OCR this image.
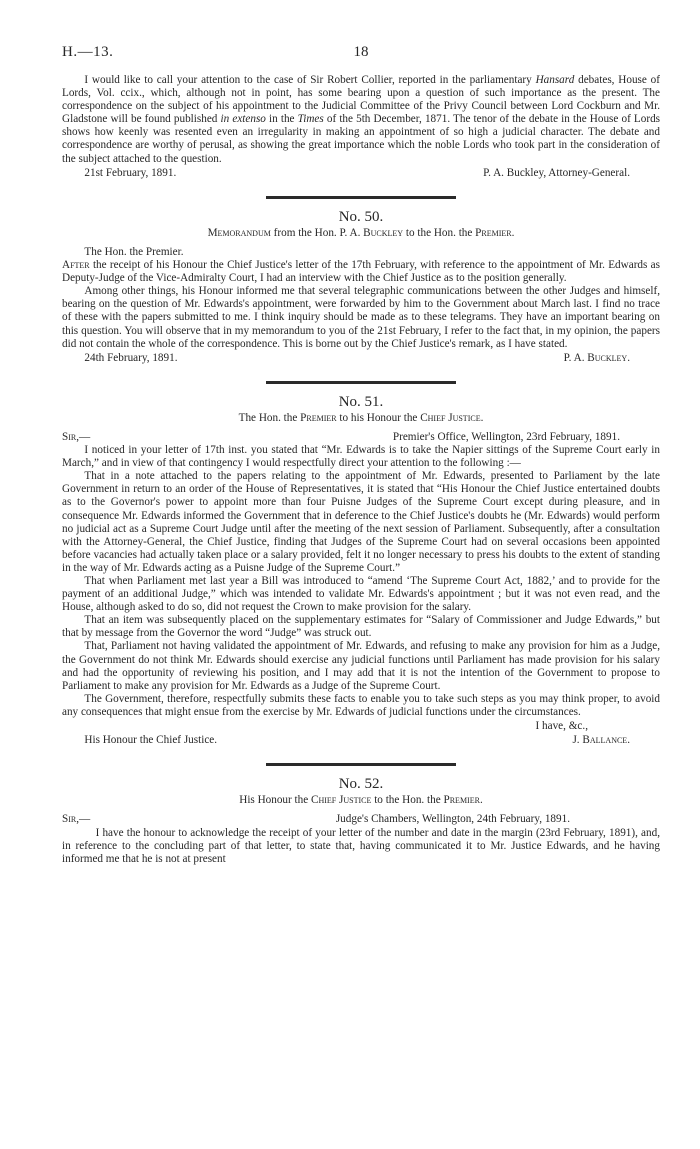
H.—13.	18

I would like to call your attention to the case of Sir Robert Collier, reported in the parliamentary Hansard debates, House of Lords, Vol. ccix., which, although not in point, has some bearing upon a question of such importance as the present. The correspondence on the subject of his appointment to the Judicial Committee of the Privy Council between Lord Cockburn and Mr. Gladstone will be found published in extenso in the Times of the 5th December, 1871. The tenor of the debate in the House of Lords shows how keenly was resented even an irregularity in making an appointment of so high a judicial character. The debate and correspondence are worthy of perusal, as showing the great importance which the noble Lords who took part in the consideration of the subject attached to the question.

21st February, 1891.	P. A. Buckley, Attorney-General.
No. 50.
Memorandum from the Hon. P. A. Buckley to the Hon. the Premier.
The Hon. the Premier.

After the receipt of his Honour the Chief Justice's letter of the 17th February, with reference to the appointment of Mr. Edwards as Deputy-Judge of the Vice-Admiralty Court, I had an interview with the Chief Justice as to the position generally.

Among other things, his Honour informed me that several telegraphic communications between the other Judges and himself, bearing on the question of Mr. Edwards's appointment, were forwarded by him to the Government about March last. I find no trace of these with the papers submitted to me. I think inquiry should be made as to these telegrams. They have an important bearing on this question. You will observe that in my memorandum to you of the 21st February, I refer to the fact that, in my opinion, the papers did not contain the whole of the correspondence. This is borne out by the Chief Justice's remark, as I have stated.

24th February, 1891.	P. A. Buckley.
No. 51.
The Hon. the Premier to his Honour the Chief Justice.
Sir,—	Premier's Office, Wellington, 23rd February, 1891.

I noticed in your letter of 17th inst. you stated that “Mr. Edwards is to take the Napier sittings of the Supreme Court early in March,” and in view of that contingency I would respectfully direct your attention to the following :—

That in a note attached to the papers relating to the appointment of Mr. Edwards, presented to Parliament by the late Government in return to an order of the House of Representatives, it is stated that “His Honour the Chief Justice entertained doubts as to the Governor's power to appoint more than four Puisne Judges of the Supreme Court except during pleasure, and in consequence Mr. Edwards informed the Government that in deference to the Chief Justice's doubts he (Mr. Edwards) would perform no judicial act as a Supreme Court Judge until after the meeting of the next session of Parliament. Subsequently, after a consultation with the Attorney-General, the Chief Justice, finding that Judges of the Supreme Court had on several occasions been appointed before vacancies had actually taken place or a salary provided, felt it no longer necessary to press his doubts to the extent of standing in the way of Mr. Edwards acting as a Puisne Judge of the Supreme Court.”

That when Parliament met last year a Bill was introduced to “amend ‘The Supreme Court Act, 1882,’ and to provide for the payment of an additional Judge,” which was intended to validate Mr. Edwards's appointment ; but it was not even read, and the House, although asked to do so, did not request the Crown to make provision for the salary.

That an item was subsequently placed on the supplementary estimates for “Salary of Commissioner and Judge Edwards,” but that by message from the Governor the word “Judge” was struck out.

That, Parliament not having validated the appointment of Mr. Edwards, and refusing to make any provision for him as a Judge, the Government do not think Mr. Edwards should exercise any judicial functions until Parliament has made provision for his salary and had the opportunity of reviewing his position, and I may add that it is not the intention of the Government to propose to Parliament to make any provision for Mr. Edwards as a Judge of the Supreme Court.

The Government, therefore, respectfully submits these facts to enable you to take such steps as you may think proper, to avoid any consequences that might ensue from the exercise by Mr. Edwards of judicial functions under the circumstances.

I have, &c.,
His Honour the Chief Justice.	J. Ballance.
No. 52.
His Honour the Chief Justice to the Hon. the Premier.
Sir,—	Judge's Chambers, Wellington, 24th February, 1891.

I have the honour to acknowledge the receipt of your letter of the number and date in the margin (23rd February, 1891), and, in reference to the concluding part of that letter, to state that, having communicated it to Mr. Justice Edwards, and he having informed me that he is not at present
